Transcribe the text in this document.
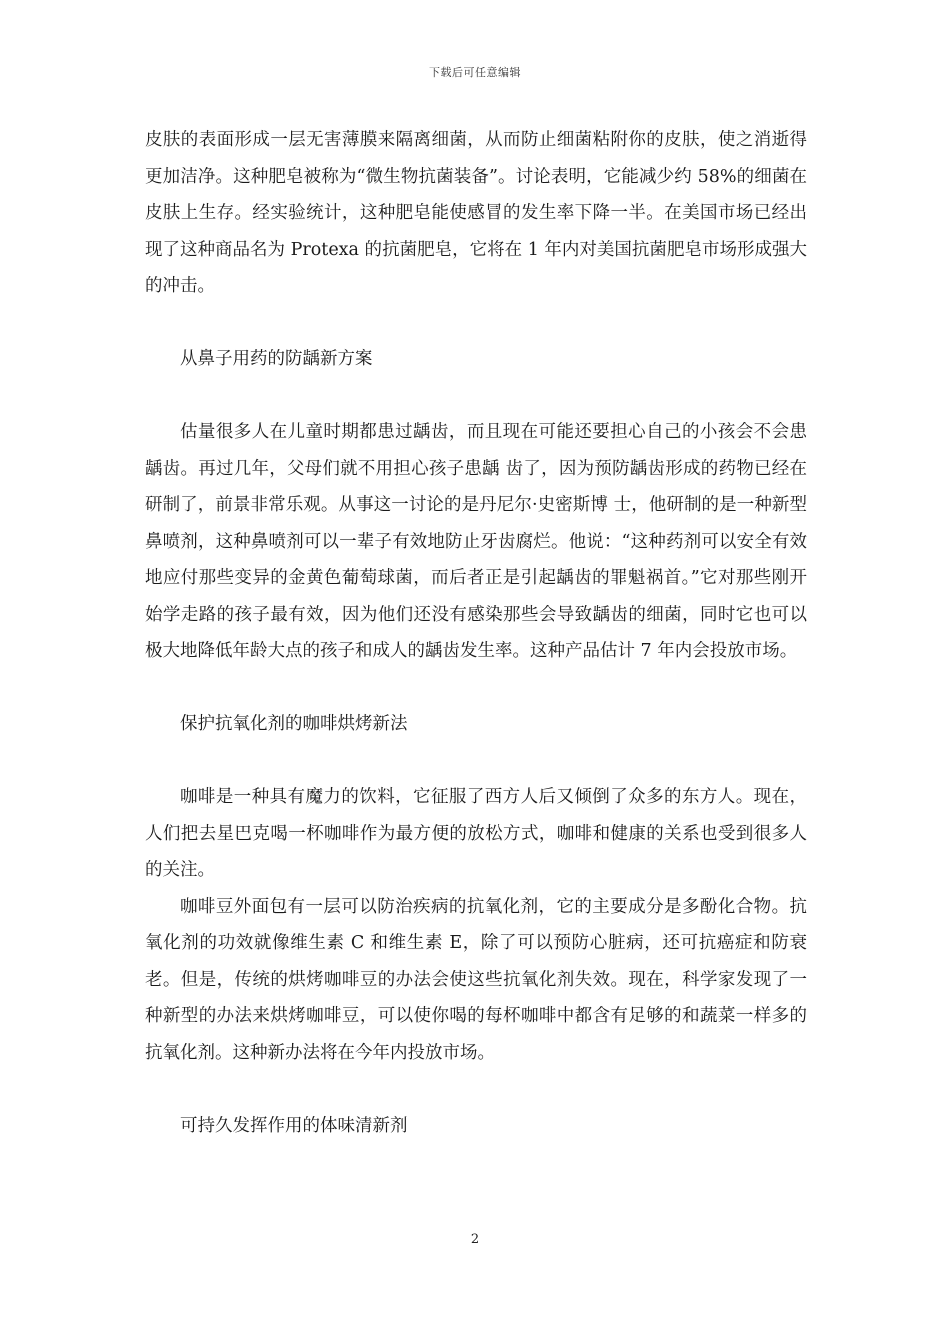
下载后可任意编辑

皮肤的表面形成一层无害薄膜来隔离细菌，从而防止细菌粘附你的皮肤，使之消逝得更加洁净。这种肥皂被称为“微生物抗菌装备”。讨论表明，它能减少约 58%的细菌在皮肤上生存。经实验统计，这种肥皂能使感冒的发生率下降一半。在美国市场已经出现了这种商品名为 Protexa 的抗菌肥皂，它将在 1 年内对美国抗菌肥皂市场形成强大的冲击。

从鼻子用药的防龋新方案

估量很多人在儿童时期都患过龋齿，而且现在可能还要担心自己的小孩会不会患龋齿。再过几年，父母们就不用担心孩子患龋 齿了，因为预防龋齿形成的药物已经在研制了，前景非常乐观。从事这一讨论的是丹尼尔·史密斯博 士，他研制的是一种新型鼻喷剂，这种鼻喷剂可以一辈子有效地防止牙齿腐烂。他说：“这种药剂可以安全有效地应付那些变异的金黄色葡萄球菌，而后者正是引起龋齿的罪魁祸首。”它对那些刚开始学走路的孩子最有效，因为他们还没有感染那些会导致龋齿的细菌，同时它也可以极大地降低年龄大点的孩子和成人的龋齿发生率。这种产品估计 7 年内会投放市场。

保护抗氧化剂的咖啡烘烤新法

咖啡是一种具有魔力的饮料，它征服了西方人后又倾倒了众多的东方人。现在，人们把去星巴克喝一杯咖啡作为最方便的放松方式，咖啡和健康的关系也受到很多人的关注。

咖啡豆外面包有一层可以防治疾病的抗氧化剂，它的主要成分是多酚化合物。抗氧化剂的功效就像维生素 C 和维生素 E，除了可以预防心脏病，还可抗癌症和防衰老。但是，传统的烘烤咖啡豆的办法会使这些抗氧化剂失效。现在，科学家发现了一种新型的办法来烘烤咖啡豆，可以使你喝的每杯咖啡中都含有足够的和蔬菜一样多的抗氧化剂。这种新办法将在今年内投放市场。

可持久发挥作用的体味清新剂

2
